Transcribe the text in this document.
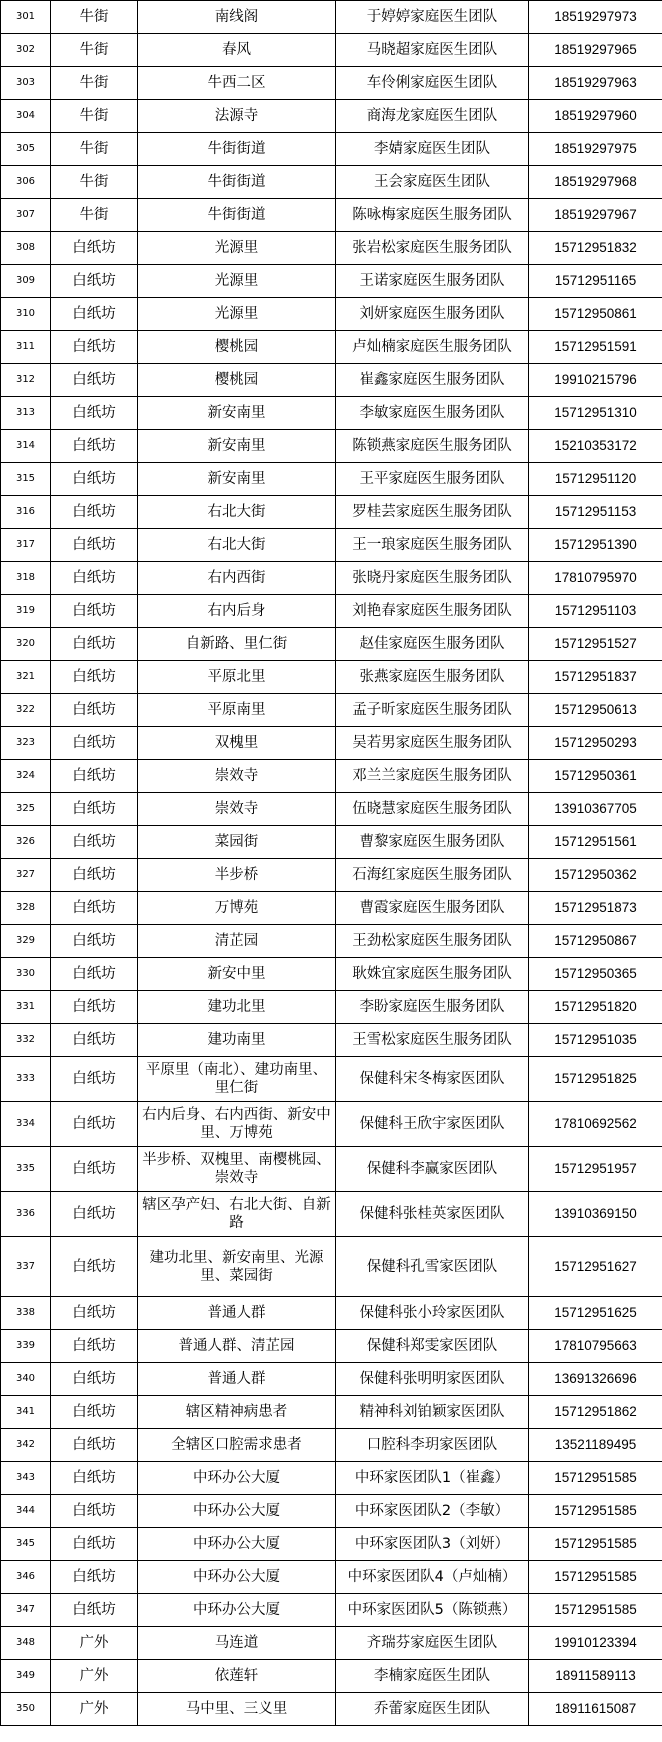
301	牛街	南线阁	于婷婷家庭医生团队	18519297973
302	牛街	春风	马晓超家庭医生团队	18519297965
303	牛街	牛西二区	车伶俐家庭医生团队	18519297963
304	牛街	法源寺	商海龙家庭医生团队	18519297960
305	牛街	牛街街道	李婧家庭医生团队	18519297975
306	牛街	牛街街道	王会家庭医生团队	18519297968
307	牛街	牛街街道	陈咏梅家庭医生服务团队	18519297967
308	白纸坊	光源里	张岩松家庭医生服务团队	15712951832
309	白纸坊	光源里	王诺家庭医生服务团队	15712951165
310	白纸坊	光源里	刘妍家庭医生服务团队	15712950861
311	白纸坊	樱桃园	卢灿楠家庭医生服务团队	15712951591
312	白纸坊	樱桃园	崔鑫家庭医生服务团队	19910215796
313	白纸坊	新安南里	李敏家庭医生服务团队	15712951310
314	白纸坊	新安南里	陈锁燕家庭医生服务团队	15210353172
315	白纸坊	新安南里	王平家庭医生服务团队	15712951120
316	白纸坊	右北大街	罗桂芸家庭医生服务团队	15712951153
317	白纸坊	右北大街	王一琅家庭医生服务团队	15712951390
318	白纸坊	右内西街	张晓丹家庭医生服务团队	17810795970
319	白纸坊	右内后身	刘艳春家庭医生服务团队	15712951103
320	白纸坊	自新路、里仁街	赵佳家庭医生服务团队	15712951527
321	白纸坊	平原北里	张燕家庭医生服务团队	15712951837
322	白纸坊	平原南里	孟子昕家庭医生服务团队	15712950613
323	白纸坊	双槐里	吴若男家庭医生服务团队	15712950293
324	白纸坊	崇效寺	邓兰兰家庭医生服务团队	15712950361
325	白纸坊	崇效寺	伍晓慧家庭医生服务团队	13910367705
326	白纸坊	菜园街	曹黎家庭医生服务团队	15712951561
327	白纸坊	半步桥	石海红家庭医生服务团队	15712950362
328	白纸坊	万博苑	曹霞家庭医生服务团队	15712951873
329	白纸坊	清芷园	王劲松家庭医生服务团队	15712950867
330	白纸坊	新安中里	耿姝宜家庭医生服务团队	15712950365
331	白纸坊	建功北里	李盼家庭医生服务团队	15712951820
332	白纸坊	建功南里	王雪松家庭医生服务团队	15712951035
333	白纸坊	平原里（南北）、建功南里、里仁街	保健科宋冬梅家医团队	15712951825
334	白纸坊	右内后身、右内西街、新安中里、万博苑	保健科王欣宇家医团队	17810692562
335	白纸坊	半步桥、双槐里、南樱桃园、崇效寺	保健科李赢家医团队	15712951957
336	白纸坊	辖区孕产妇、右北大街、自新路	保健科张桂英家医团队	13910369150
337	白纸坊	建功北里、新安南里、光源里、菜园街	保健科孔雪家医团队	15712951627
338	白纸坊	普通人群	保健科张小玲家医团队	15712951625
339	白纸坊	普通人群、清芷园	保健科郑雯家医团队	17810795663
340	白纸坊	普通人群	保健科张明明家医团队	13691326696
341	白纸坊	辖区精神病患者	精神科刘铂颖家医团队	15712951862
342	白纸坊	全辖区口腔需求患者	口腔科李玥家医团队	13521189495
343	白纸坊	中环办公大厦	中环家医团队1（崔鑫）	15712951585
344	白纸坊	中环办公大厦	中环家医团队2（李敏）	15712951585
345	白纸坊	中环办公大厦	中环家医团队3（刘妍）	15712951585
346	白纸坊	中环办公大厦	中环家医团队4（卢灿楠）	15712951585
347	白纸坊	中环办公大厦	中环家医团队5（陈锁燕）	15712951585
348	广外	马连道	齐瑞芬家庭医生团队	19910123394
349	广外	依莲轩	李楠家庭医生团队	18911589113
350	广外	马中里、三义里	乔蕾家庭医生团队	18911615087
